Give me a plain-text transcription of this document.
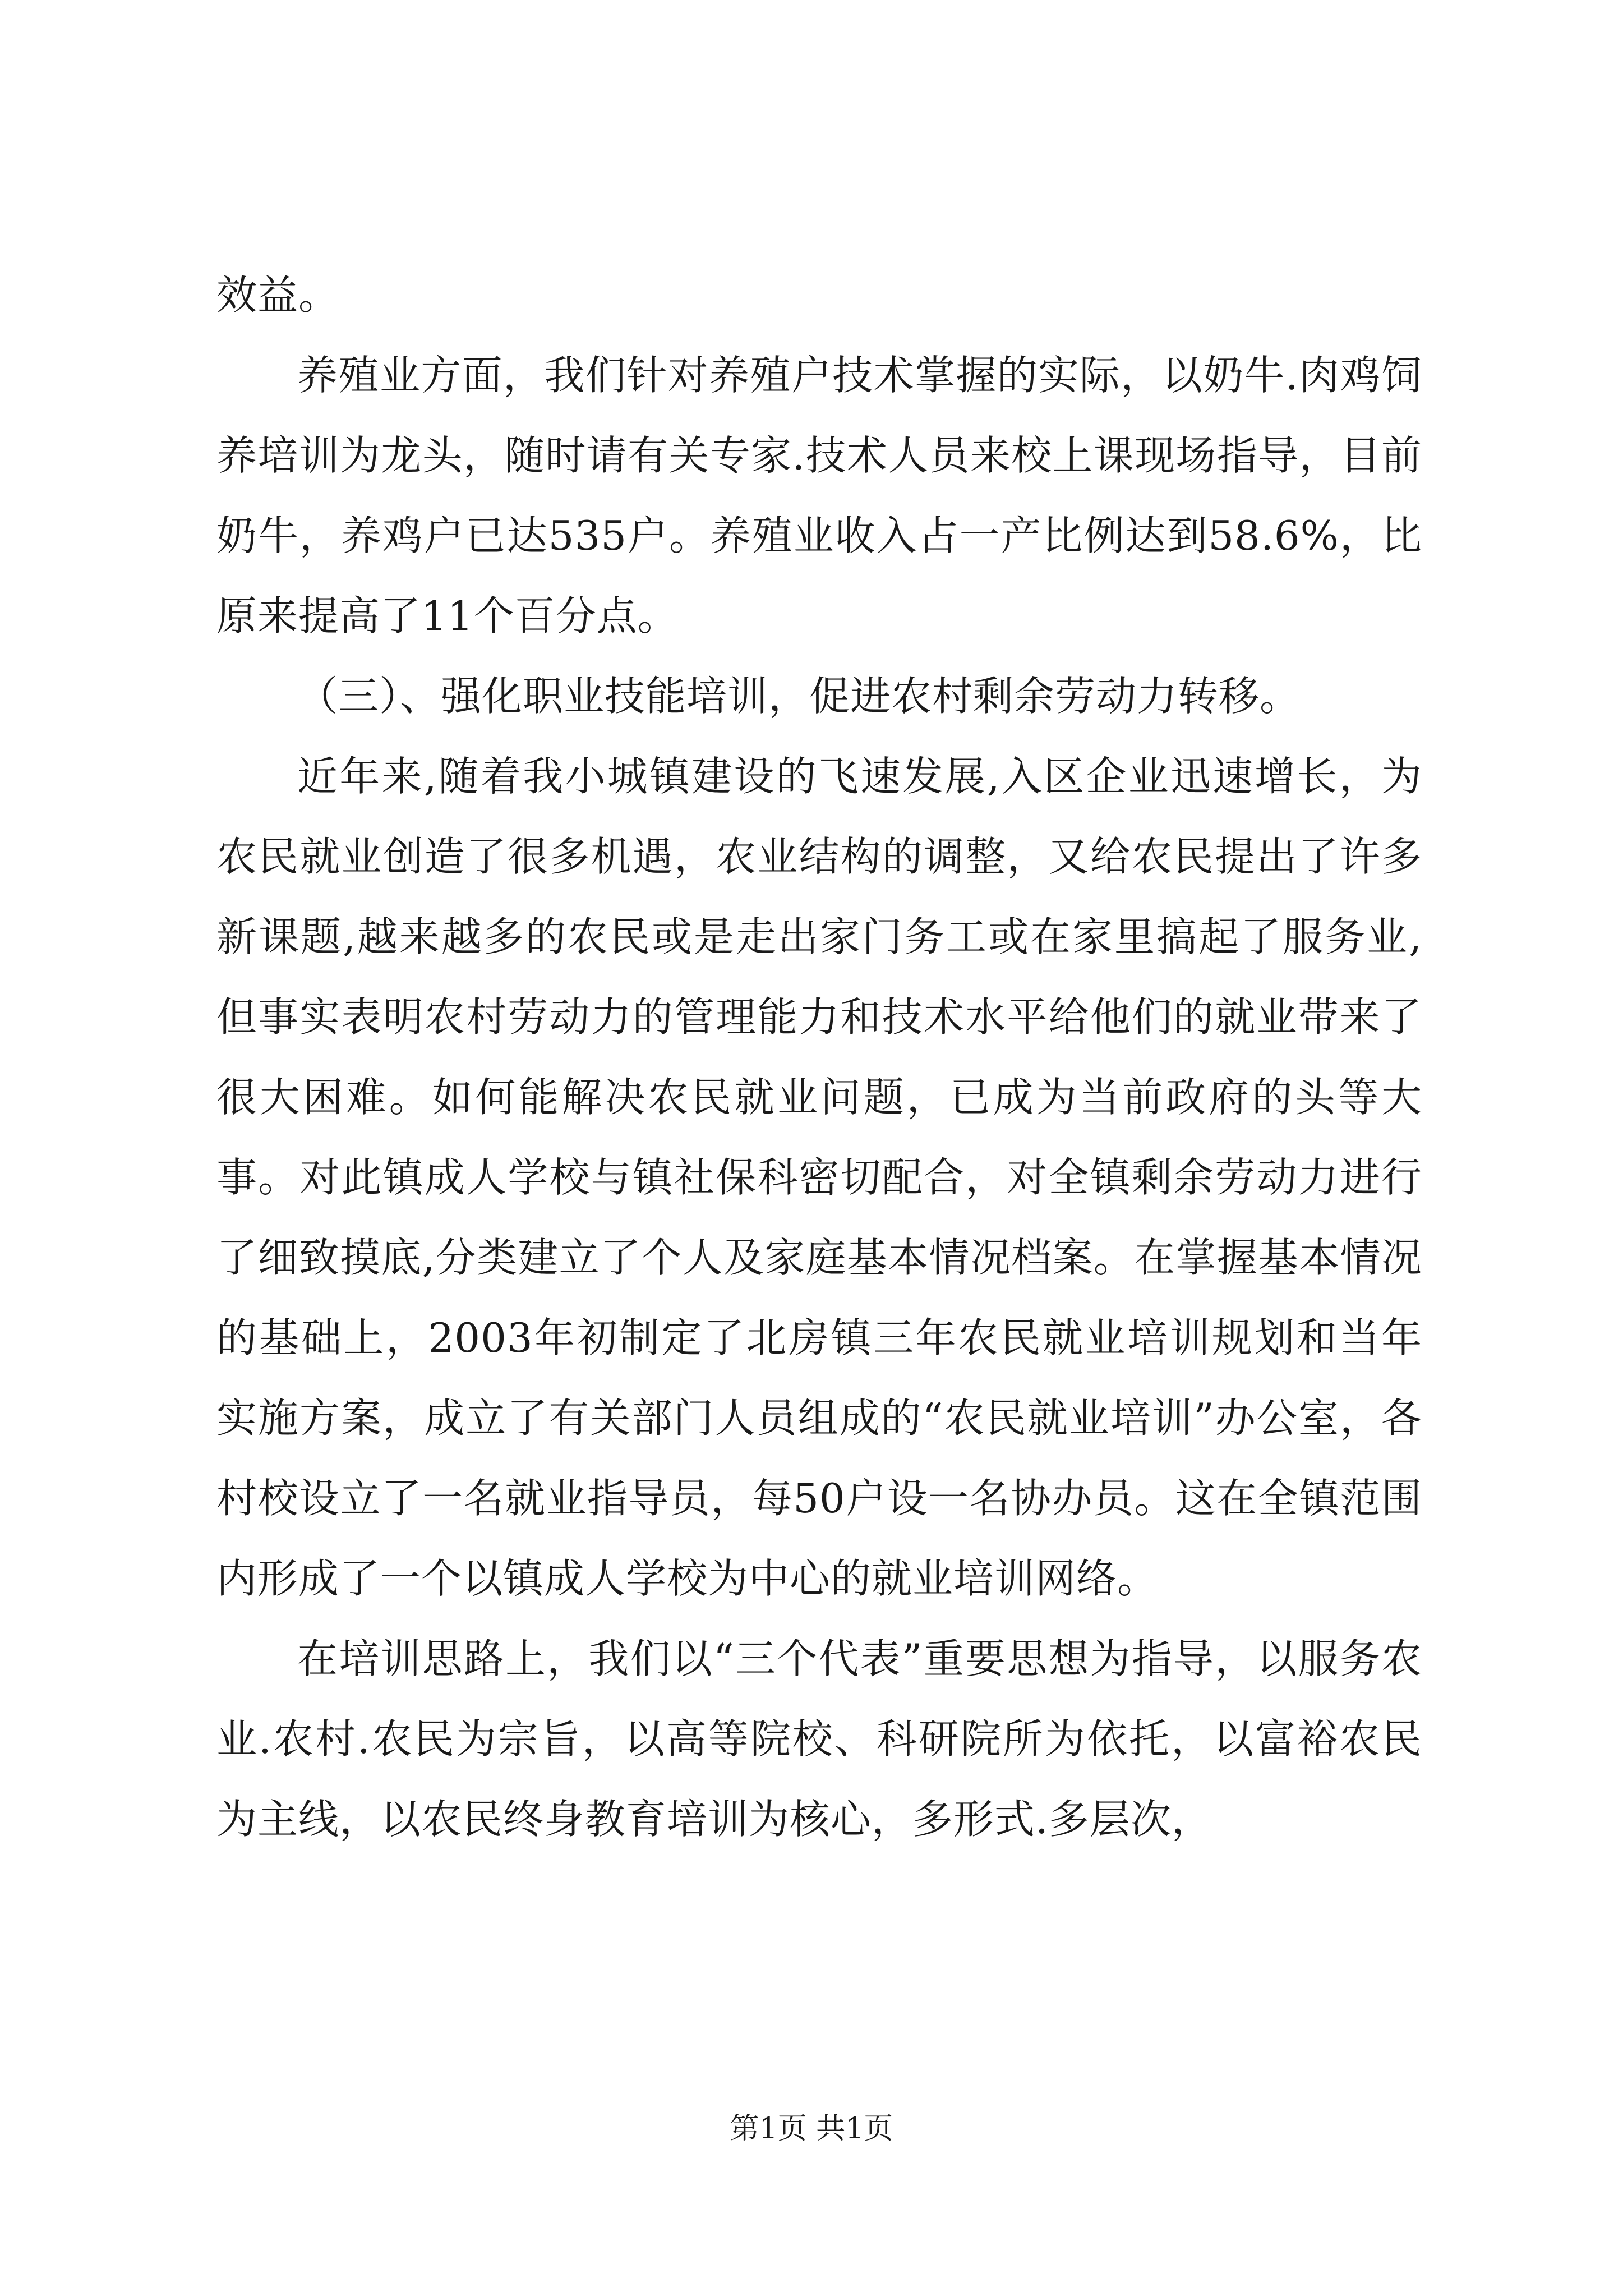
效益。

养殖业方面，我们针对养殖户技术掌握的实际，以奶牛.肉鸡饲养培训为龙头，随时请有关专家.技术人员来校上课现场指导，目前奶牛，养鸡户已达535户。养殖业收入占一产比例达到58.6%，比原来提高了11个百分点。

（三）、强化职业技能培训，促进农村剩余劳动力转移。

近年来,随着我小城镇建设的飞速发展,入区企业迅速增长，为农民就业创造了很多机遇，农业结构的调整，又给农民提出了许多新课题,越来越多的农民或是走出家门务工或在家里搞起了服务业,但事实表明农村劳动力的管理能力和技术水平给他们的就业带来了很大困难。如何能解决农民就业问题，已成为当前政府的头等大事。对此镇成人学校与镇社保科密切配合，对全镇剩余劳动力进行了细致摸底,分类建立了个人及家庭基本情况档案。在掌握基本情况的基础上，2003年初制定了北房镇三年农民就业培训规划和当年实施方案，成立了有关部门人员组成的“农民就业培训”办公室，各村校设立了一名就业指导员，每50户设一名协办员。这在全镇范围内形成了一个以镇成人学校为中心的就业培训网络。

在培训思路上，我们以“三个代表”重要思想为指导，以服务农业.农村.农民为宗旨，以高等院校、科研院所为依托，以富裕农民为主线，以农民终身教育培训为核心，多形式.多层次，

第1页 共1页
